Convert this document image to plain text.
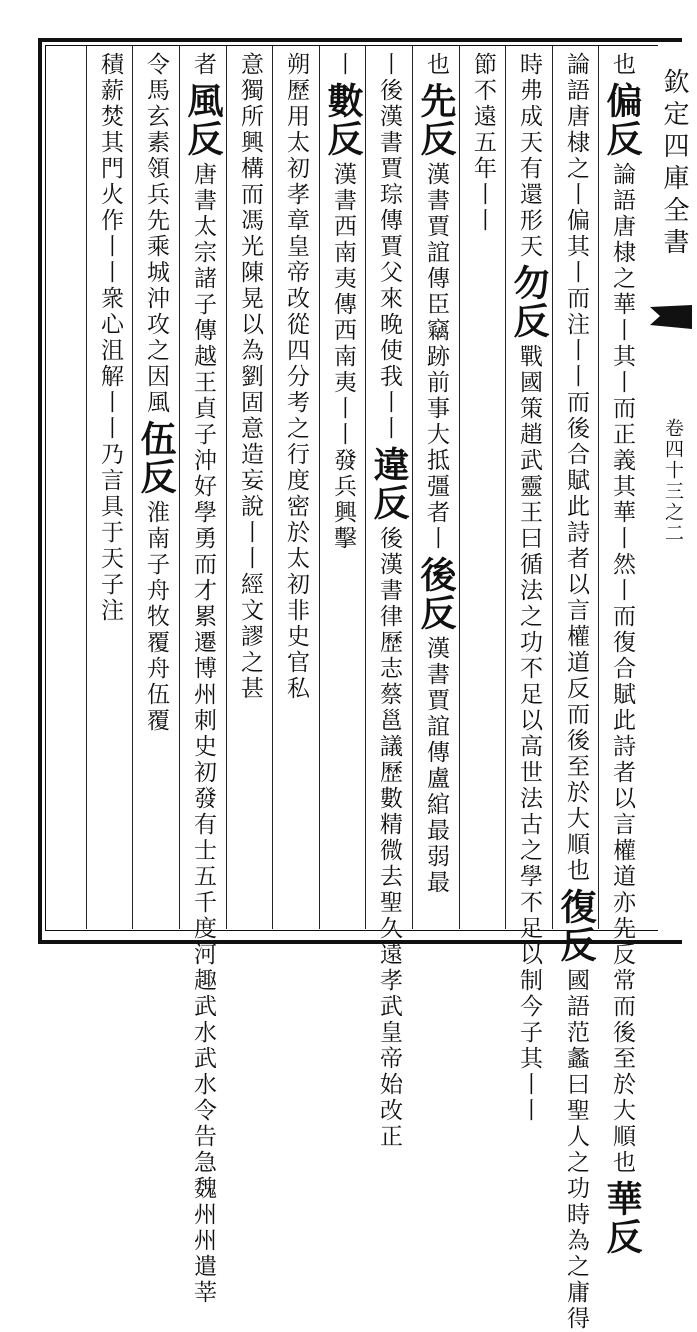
欽定四庫全書
卷四十三之二
也
偏反
論語唐棣之華丨其丨而正義其華丨然丨而復合賦此詩者以言權道亦先反常而後至於大順也
華反
論語唐棣之丨偏其丨而注丨丨而後合賦此詩者以言權道反而後至於大順也
復反
國語范蠡曰聖人之功時為之庸得
時弗成天有還形天
勿反
戰國策趙武靈王曰循法之功不足以高世法古之學不足以制今子其丨丨
節不遠五年丨丨
也
先反
漢書賈誼傳臣竊跡前事大抵彊者丨
後反
漢書賈誼傳盧綰最弱最
丨後漢書賈琮傳賈父來晚使我丨丨
違反
後漢書律歷志蔡邕議歷數精微去聖久遠孝武皇帝始改正
丨
數反
漢書西南夷傳西南夷丨丨發兵興擊
朔歷用太初孝章皇帝改從四分考之行度密於太初非史官私
意獨所興構而馮光陳晃以為劉固意造妄說丨丨經文謬之甚
者
風反
唐書太宗諸子傳越王貞子沖好學勇而才累遷博州刺史初發有士五千度河趣武水武水令告急魏州州遣莘
令馬玄素領兵先乘城沖攻之因風
伍反
淮南子舟牧覆舟伍覆
積薪焚其門火作丨丨衆心沮解
丨丨乃言具于天子注
